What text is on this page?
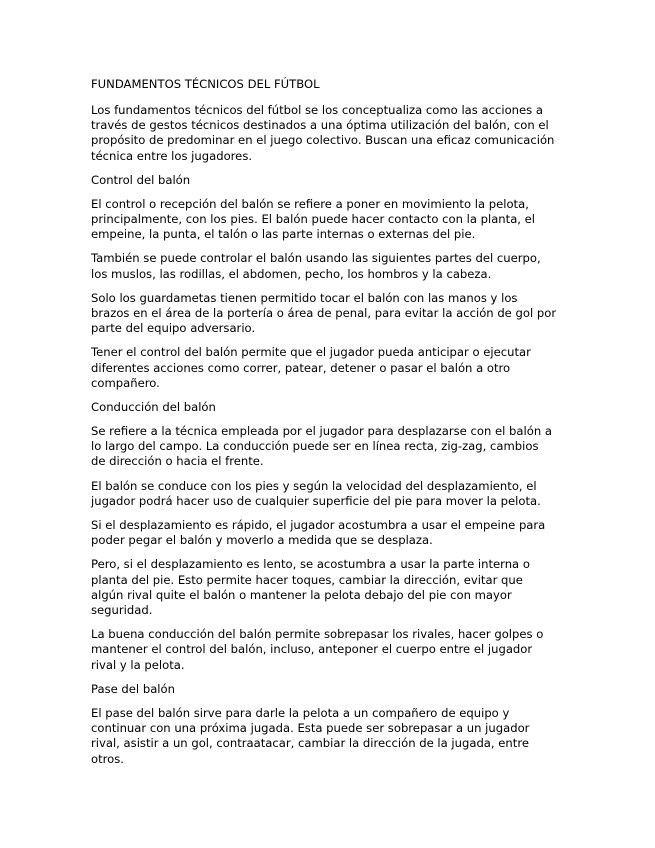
FUNDAMENTOS TÉCNICOS DEL FÚTBOL

Los fundamentos técnicos del fútbol se los conceptualiza como las acciones a
través de gestos técnicos destinados a una óptima utilización del balón, con el
propósito de predominar en el juego colectivo. Buscan una eficaz comunicación
técnica entre los jugadores.

Control del balón

El control o recepción del balón se refiere a poner en movimiento la pelota,
principalmente, con los pies. El balón puede hacer contacto con la planta, el
empeine, la punta, el talón o las parte internas o externas del pie.

También se puede controlar el balón usando las siguientes partes del cuerpo,
los muslos, las rodillas, el abdomen, pecho, los hombros y la cabeza.

Solo los guardametas tienen permitido tocar el balón con las manos y los
brazos en el área de la portería o área de penal, para evitar la acción de gol por
parte del equipo adversario.

Tener el control del balón permite que el jugador pueda anticipar o ejecutar
diferentes acciones como correr, patear, detener o pasar el balón a otro
compañero.

Conducción del balón

Se refiere a la técnica empleada por el jugador para desplazarse con el balón a
lo largo del campo. La conducción puede ser en línea recta, zig-zag, cambios
de dirección o hacia el frente.

El balón se conduce con los pies y según la velocidad del desplazamiento, el
jugador podrá hacer uso de cualquier superficie del pie para mover la pelota.

Si el desplazamiento es rápido, el jugador acostumbra a usar el empeine para
poder pegar el balón y moverlo a medida que se desplaza.

Pero, si el desplazamiento es lento, se acostumbra a usar la parte interna o
planta del pie. Esto permite hacer toques, cambiar la dirección, evitar que
algún rival quite el balón o mantener la pelota debajo del pie con mayor
seguridad.

La buena conducción del balón permite sobrepasar los rivales, hacer golpes o
mantener el control del balón, incluso, anteponer el cuerpo entre el jugador
rival y la pelota.

Pase del balón

El pase del balón sirve para darle la pelota a un compañero de equipo y
continuar con una próxima jugada. Esta puede ser sobrepasar a un jugador
rival, asistir a un gol, contraatacar, cambiar la dirección de la jugada, entre
otros.
